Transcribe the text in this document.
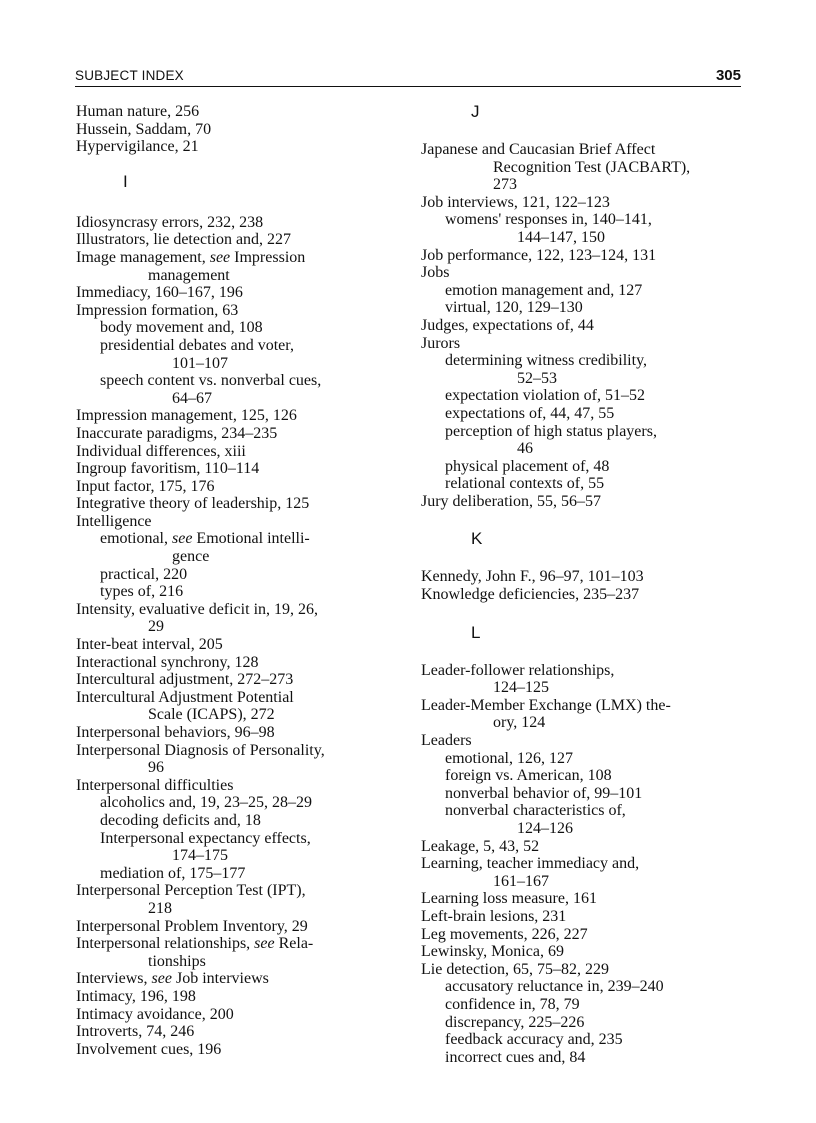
SUBJECT INDEX	305
Human nature, 256
Hussein, Saddam, 70
Hypervigilance, 21
I
Idiosyncrasy errors, 232, 238
Illustrators, lie detection and, 227
Image management, see Impression
management
Immediacy, 160–167, 196
Impression formation, 63
body movement and, 108
presidential debates and voter,
101–107
speech content vs. nonverbal cues,
64–67
Impression management, 125, 126
Inaccurate paradigms, 234–235
Individual differences, xiii
Ingroup favoritism, 110–114
Input factor, 175, 176
Integrative theory of leadership, 125
Intelligence
emotional, see Emotional intelli-
gence
practical, 220
types of, 216
Intensity, evaluative deficit in, 19, 26,
29
Inter-beat interval, 205
Interactional synchrony, 128
Intercultural adjustment, 272–273
Intercultural Adjustment Potential
Scale (ICAPS), 272
Interpersonal behaviors, 96–98
Interpersonal Diagnosis of Personality,
96
Interpersonal difficulties
alcoholics and, 19, 23–25, 28–29
decoding deficits and, 18
Interpersonal expectancy effects,
174–175
mediation of, 175–177
Interpersonal Perception Test (IPT),
218
Interpersonal Problem Inventory, 29
Interpersonal relationships, see Rela-
tionships
Interviews, see Job interviews
Intimacy, 196, 198
Intimacy avoidance, 200
Introverts, 74, 246
Involvement cues, 196
J
Japanese and Caucasian Brief Affect
Recognition Test (JACBART),
273
Job interviews, 121, 122–123
womens' responses in, 140–141,
144–147, 150
Job performance, 122, 123–124, 131
Jobs
emotion management and, 127
virtual, 120, 129–130
Judges, expectations of, 44
Jurors
determining witness credibility,
52–53
expectation violation of, 51–52
expectations of, 44, 47, 55
perception of high status players,
46
physical placement of, 48
relational contexts of, 55
Jury deliberation, 55, 56–57
K
Kennedy, John F., 96–97, 101–103
Knowledge deficiencies, 235–237
L
Leader-follower relationships,
124–125
Leader-Member Exchange (LMX) the-
ory, 124
Leaders
emotional, 126, 127
foreign vs. American, 108
nonverbal behavior of, 99–101
nonverbal characteristics of,
124–126
Leakage, 5, 43, 52
Learning, teacher immediacy and,
161–167
Learning loss measure, 161
Left-brain lesions, 231
Leg movements, 226, 227
Lewinsky, Monica, 69
Lie detection, 65, 75–82, 229
accusatory reluctance in, 239–240
confidence in, 78, 79
discrepancy, 225–226
feedback accuracy and, 235
incorrect cues and, 84
